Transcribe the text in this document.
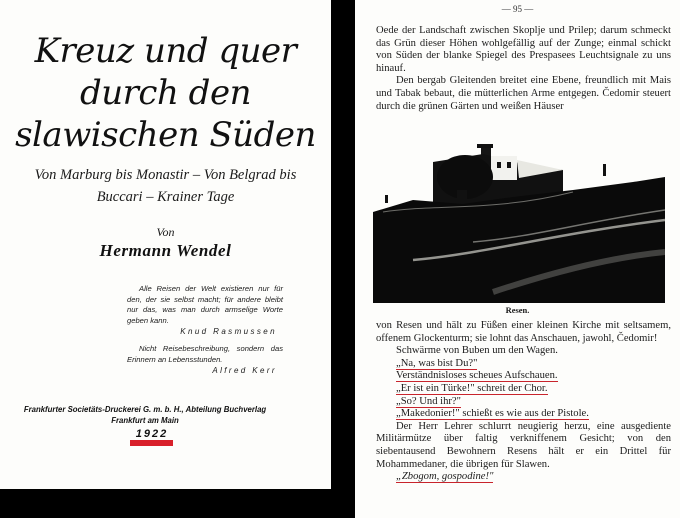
Kreuz und quer
durch den
slawischen Süden
Von Marburg bis Monastir – Von Belgrad bis
Buccari – Krainer Tage
Von
Hermann Wendel
Alle Reisen der Welt existieren nur für den, der sie selbst macht; für andere bleibt nur das, was man durch armselige Worte geben kann.
Knud Rasmussen
Nicht Reisebeschreibung, sondern das Erinnern an Lebensstunden.
Alfred Kerr
Frankfurter Societäts-Druckerei G. m. b. H., Abteilung Buchverlag
Frankfurt am Main
1922
— 95 —

Oede der Landschaft zwischen Skoplje und Prilep; darum schmeckt das Grün dieser Höhen wohlgefällig auf der Zunge; einmal schickt von Süden der blanke Spiegel des Prespasees Leuchtsignale zu uns hinauf.

Den bergab Gleitenden breitet eine Ebene, freundlich mit Mais und Tabak bebaut, die mütterlichen Arme entgegen. Čedomir steuert durch die grünen Gärten und weißen Häuser

Resen.

von Resen und hält zu Füßen einer kleinen Kirche mit seltsamem, offenem Glockenturm; sie lohnt das Anschauen, jawohl, Čedomir!

Schwärme von Buben um den Wagen.
„Na, was bist Du?"
Verständnisloses scheues Aufschauen.
„Er ist ein Türke!" schreit der Chor.
„So? Und ihr?"
„Makedonier!" schießt es wie aus der Pistole.

Der Herr Lehrer schlurrt neugierig herzu, eine ausgediente Militärmütze über faltig verkniffenem Gesicht; von den siebentausend Bewohnern Resens hält er ein Drittel für Mohammedaner, die übrigen für Slawen.

„Zbogom, gospodine!"
